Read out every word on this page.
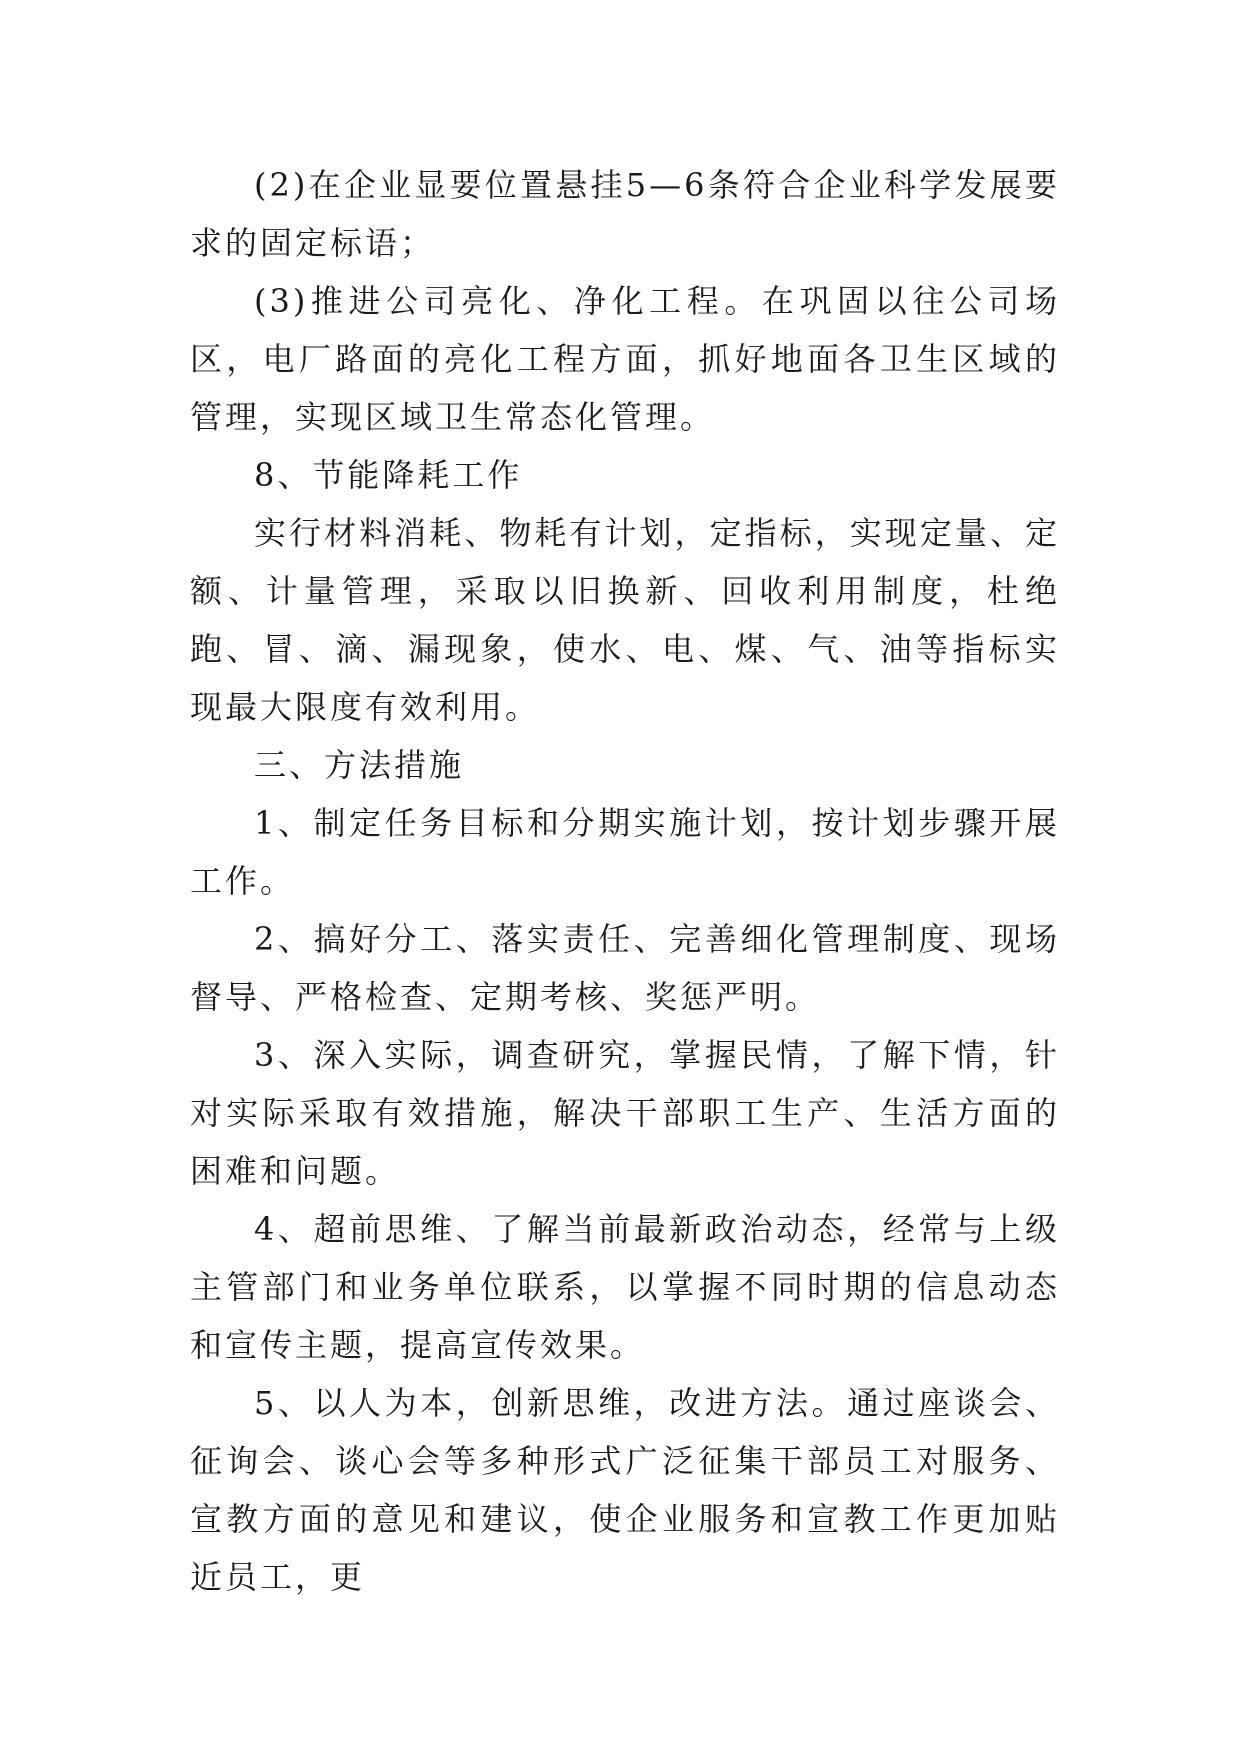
(2)在企业显要位置悬挂5—6条符合企业科学发展要求的固定标语；

(3)推进公司亮化、净化工程。在巩固以往公司场区，电厂路面的亮化工程方面，抓好地面各卫生区域的管理，实现区域卫生常态化管理。

8、节能降耗工作

实行材料消耗、物耗有计划，定指标，实现定量、定额、计量管理，采取以旧换新、回收利用制度，杜绝跑、冒、滴、漏现象，使水、电、煤、气、油等指标实现最大限度有效利用。

三、方法措施

1、制定任务目标和分期实施计划，按计划步骤开展工作。

2、搞好分工、落实责任、完善细化管理制度、现场督导、严格检查、定期考核、奖惩严明。

3、深入实际，调查研究，掌握民情，了解下情，针对实际采取有效措施，解决干部职工生产、生活方面的困难和问题。

4、超前思维、了解当前最新政治动态，经常与上级主管部门和业务单位联系，以掌握不同时期的信息动态和宣传主题，提高宣传效果。

5、以人为本，创新思维，改进方法。通过座谈会、征询会、谈心会等多种形式广泛征集干部员工对服务、宣教方面的意见和建议，使企业服务和宣教工作更加贴近员工，更
